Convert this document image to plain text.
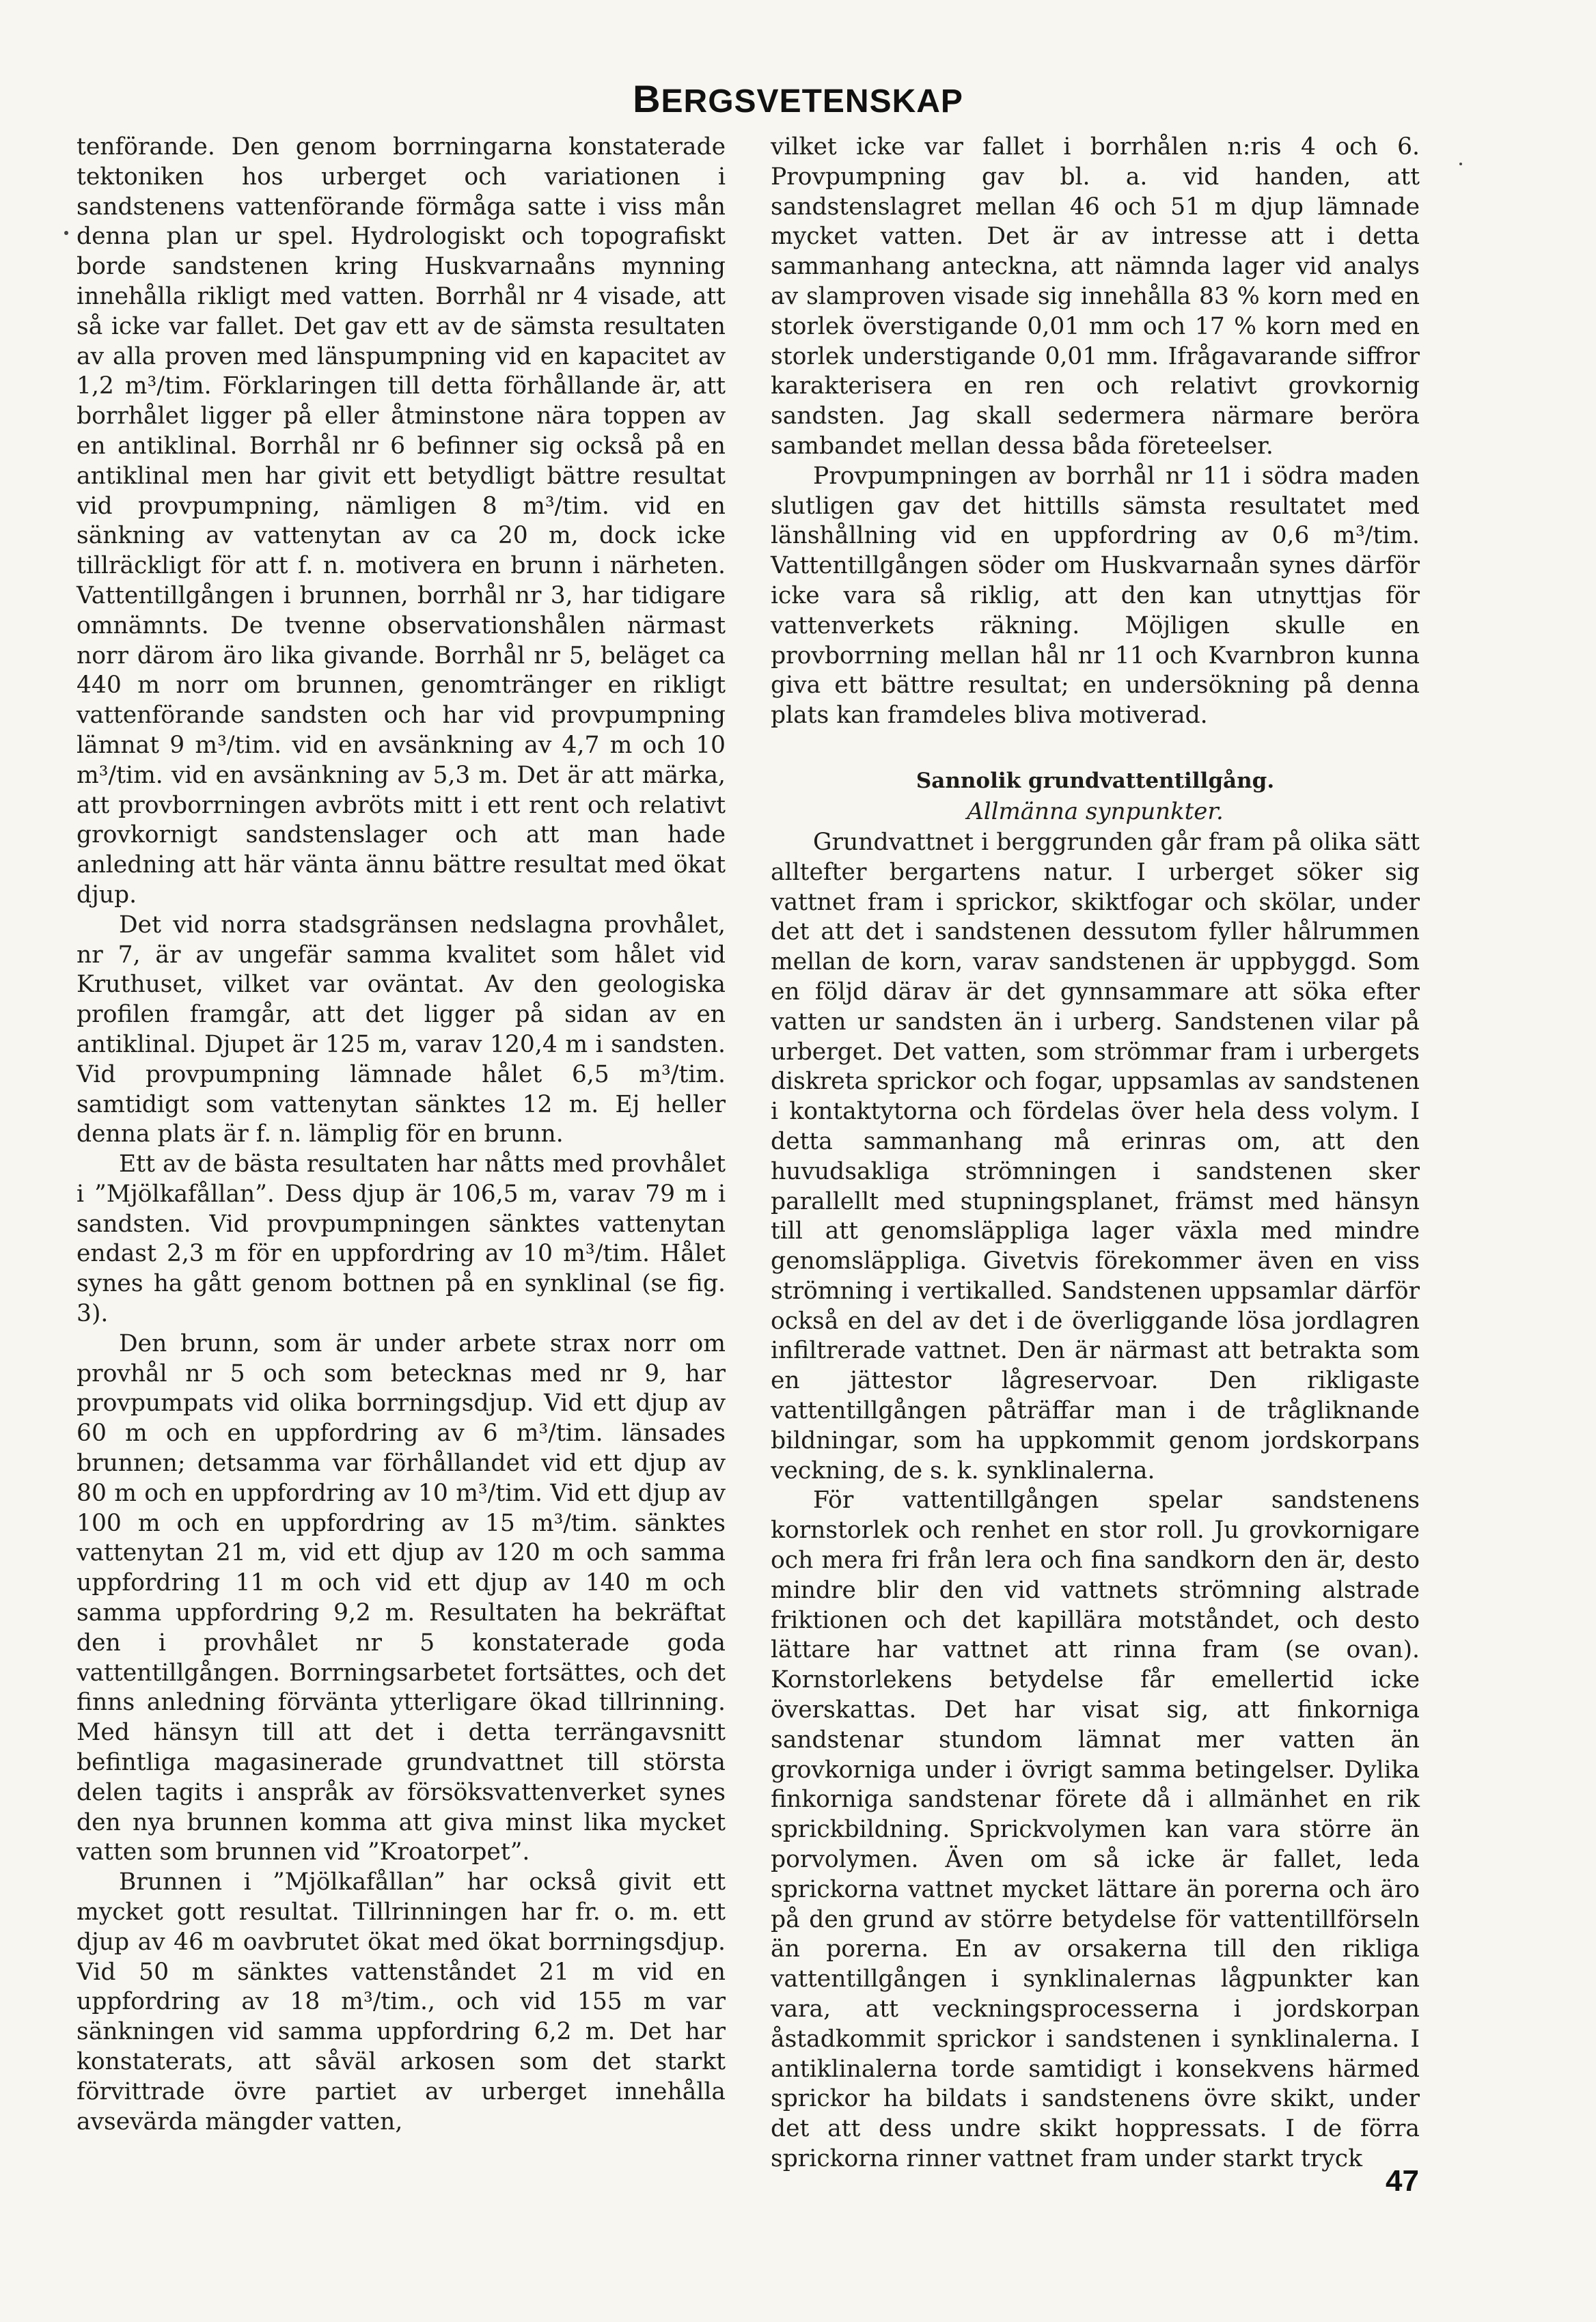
BERGSVETENSKAP

tenförande. Den genom borrningarna konstaterade tektoniken hos urberget och variationen i sandstenens vattenförande förmåga satte i viss mån denna plan ur spel. Hydrologiskt och topografiskt borde sandstenen kring Huskvarnaåns mynning innehålla rikligt med vatten. Borrhål nr 4 visade, att så icke var fallet. Det gav ett av de sämsta resultaten av alla proven med länspumpning vid en kapacitet av 1,2 m³/tim. Förklaringen till detta förhållande är, att borrhålet ligger på eller åtminstone nära toppen av en antiklinal. Borrhål nr 6 befinner sig också på en antiklinal men har givit ett betydligt bättre resultat vid provpumpning, nämligen 8 m³/tim. vid en sänkning av vattenytan av ca 20 m, dock icke tillräckligt för att f. n. motivera en brunn i närheten. Vattentillgången i brunnen, borrhål nr 3, har tidigare omnämnts. De tvenne observationshålen närmast norr därom äro lika givande. Borrhål nr 5, beläget ca 440 m norr om brunnen, genomtränger en rikligt vattenförande sandsten och har vid provpumpning lämnat 9 m³/tim. vid en avsänkning av 4,7 m och 10 m³/tim. vid en avsänkning av 5,3 m. Det är att märka, att provborrningen avbröts mitt i ett rent och relativt grovkornigt sandstenslager och att man hade anledning att här vänta ännu bättre resultat med ökat djup.

Det vid norra stadsgränsen nedslagna provhålet, nr 7, är av ungefär samma kvalitet som hålet vid Kruthuset, vilket var oväntat. Av den geologiska profilen framgår, att det ligger på sidan av en antiklinal. Djupet är 125 m, varav 120,4 m i sandsten. Vid provpumpning lämnade hålet 6,5 m³/tim. samtidigt som vattenytan sänktes 12 m. Ej heller denna plats är f. n. lämplig för en brunn.

Ett av de bästa resultaten har nåtts med provhålet i ”Mjölkafållan”. Dess djup är 106,5 m, varav 79 m i sandsten. Vid provpumpningen sänktes vattenytan endast 2,3 m för en uppfordring av 10 m³/tim. Hålet synes ha gått genom bottnen på en synklinal (se fig. 3).

Den brunn, som är under arbete strax norr om provhål nr 5 och som betecknas med nr 9, har provpumpats vid olika borrningsdjup. Vid ett djup av 60 m och en uppfordring av 6 m³/tim. länsades brunnen; detsamma var förhållandet vid ett djup av 80 m och en uppfordring av 10 m³/tim. Vid ett djup av 100 m och en uppfordring av 15 m³/tim. sänktes vattenytan 21 m, vid ett djup av 120 m och samma uppfordring 11 m och vid ett djup av 140 m och samma uppfordring 9,2 m. Resultaten ha bekräftat den i provhålet nr 5 konstaterade goda vattentillgången. Borrningsarbetet fortsättes, och det finns anledning förvänta ytterligare ökad tillrinning. Med hänsyn till att det i detta terrängavsnitt befintliga magasinerade grundvattnet till största delen tagits i anspråk av försöksvattenverket synes den nya brunnen komma att giva minst lika mycket vatten som brunnen vid ”Kroatorpet”.

Brunnen i ”Mjölkafållan” har också givit ett mycket gott resultat. Tillrinningen har fr. o. m. ett djup av 46 m oavbrutet ökat med ökat borrningsdjup. Vid 50 m sänktes vattenståndet 21 m vid en uppfordring av 18 m³/tim., och vid 155 m var sänkningen vid samma uppfordring 6,2 m. Det har konstaterats, att såväl arkosen som det starkt förvittrade övre partiet av urberget innehålla avsevärda mängder vatten,

vilket icke var fallet i borrhålen n:ris 4 och 6. Provpumpning gav bl. a. vid handen, att sandstenslagret mellan 46 och 51 m djup lämnade mycket vatten. Det är av intresse att i detta sammanhang anteckna, att nämnda lager vid analys av slamproven visade sig innehålla 83 % korn med en storlek överstigande 0,01 mm och 17 % korn med en storlek understigande 0,01 mm. Ifrågavarande siffror karakterisera en ren och relativt grovkornig sandsten. Jag skall sedermera närmare beröra sambandet mellan dessa båda företeelser.

Provpumpningen av borrhål nr 11 i södra maden slutligen gav det hittills sämsta resultatet med länshållning vid en uppfordring av 0,6 m³/tim. Vattentillgången söder om Huskvarnaån synes därför icke vara så riklig, att den kan utnyttjas för vattenverkets räkning. Möjligen skulle en provborrning mellan hål nr 11 och Kvarnbron kunna giva ett bättre resultat; en undersökning på denna plats kan framdeles bliva motiverad.

Sannolik grundvattentillgång.
Allmänna synpunkter.

Grundvattnet i berggrunden går fram på olika sätt alltefter bergartens natur. I urberget söker sig vattnet fram i sprickor, skiktfogar och skölar, under det att det i sandstenen dessutom fyller hålrummen mellan de korn, varav sandstenen är uppbyggd. Som en följd därav är det gynnsammare att söka efter vatten ur sandsten än i urberg. Sandstenen vilar på urberget. Det vatten, som strömmar fram i urbergets diskreta sprickor och fogar, uppsamlas av sandstenen i kontaktytorna och fördelas över hela dess volym. I detta sammanhang må erinras om, att den huvudsakliga strömningen i sandstenen sker parallellt med stupningsplanet, främst med hänsyn till att genomsläppliga lager växla med mindre genomsläppliga. Givetvis förekommer även en viss strömning i vertikalled. Sandstenen uppsamlar därför också en del av det i de överliggande lösa jordlagren infiltrerade vattnet. Den är närmast att betrakta som en jättestor lågreservoar. Den rikligaste vattentillgången påträffar man i de trågliknande bildningar, som ha uppkommit genom jordskorpans veckning, de s. k. synklinalerna.

För vattentillgången spelar sandstenens kornstorlek och renhet en stor roll. Ju grovkornigare och mera fri från lera och fina sandkorn den är, desto mindre blir den vid vattnets strömning alstrade friktionen och det kapillära motståndet, och desto lättare har vattnet att rinna fram (se ovan). Kornstorlekens betydelse får emellertid icke överskattas. Det har visat sig, att finkorniga sandstenar stundom lämnat mer vatten än grovkorniga under i övrigt samma betingelser. Dylika finkorniga sandstenar förete då i allmänhet en rik sprickbildning. Sprickvolymen kan vara större än porvolymen. Även om så icke är fallet, leda sprickorna vattnet mycket lättare än porerna och äro på den grund av större betydelse för vattentillförseln än porerna. En av orsakerna till den rikliga vattentillgången i synklinalernas lågpunkter kan vara, att veckningsprocesserna i jordskorpan åstadkommit sprickor i sandstenen i synklinalerna. I antiklinalerna torde samtidigt i konsekvens härmed sprickor ha bildats i sandstenens övre skikt, under det att dess undre skikt hoppressats. I de förra sprickorna rinner vattnet fram under starkt tryck

47
